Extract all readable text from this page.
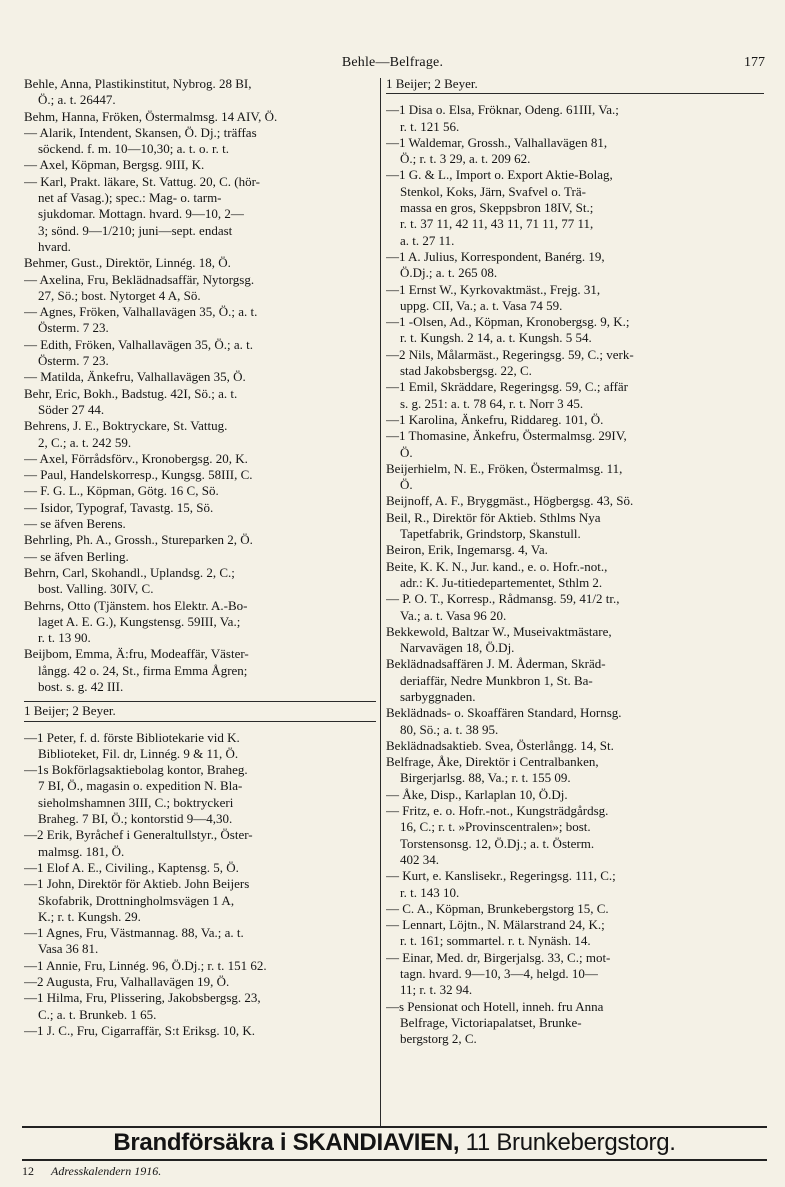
Behle—Belfrage.	177
Behle, Anna, Plastikinstitut, Nybrog. 28 BI,
Ö.; a. t. 26447.
Behm, Hanna, Fröken, Östermalmsg. 14 AIV, Ö.
— Alarik, Intendent, Skansen, Ö. Dj.; träffas
söckend. f. m. 10—10,30; a. t. o. r. t.
— Axel, Köpman, Bergsg. 9III, K.
— Karl, Prakt. läkare, St. Vattug. 20, C. (hör-
net af Vasag.); spec.: Mag- o. tarm-
sjukdomar. Mottagn. hvard. 9—10, 2—
3; sönd. 9—1/210; juni—sept. endast
hvard.
Behmer, Gust., Direktör, Linnég. 18, Ö.
— Axelina, Fru, Beklädnadsaffär, Nytorgsg.
27, Sö.; bost. Nytorget 4 A, Sö.
— Agnes, Fröken, Valhallavägen 35, Ö.; a. t.
Österm. 7 23.
— Edith, Fröken, Valhallavägen 35, Ö.; a. t.
Österm. 7 23.
— Matilda, Änkefru, Valhallavägen 35, Ö.
Behr, Eric, Bokh., Badstug. 42I, Sö.; a. t.
Söder 27 44.
Behrens, J. E., Boktryckare, St. Vattug.
2, C.; a. t. 242 59.
— Axel, Förrådsförv., Kronobergsg. 20, K.
— Paul, Handelskorresp., Kungsg. 58III, C.
— F. G. L., Köpman, Götg. 16 C, Sö.
— Isidor, Typograf, Tavastg. 15, Sö.
— se äfven Berens.
Behrling, Ph. A., Grossh., Stureparken 2, Ö.
— se äfven Berling.
Behrn, Carl, Skohandl., Uplandsg. 2, C.;
bost. Valling. 30IV, C.
Behrns, Otto (Tjänstem. hos Elektr. A.-Bo-
laget A. E. G.), Kungstensg. 59III, Va.;
r. t. 13 90.
Beijbom, Emma, Ä:fru, Modeaffär, Väster-
långg. 42 o. 24, St., firma Emma Ågren;
bost. s. g. 42 III.
1 Beijer; 2 Beyer.
—1 Peter, f. d. förste Bibliotekarie vid K.
Biblioteket, Fil. dr, Linnég. 9 & 11, Ö.
—1s Bokförlagsaktiebolag kontor, Braheg.
7 BI, Ö., magasin o. expedition N. Bla-
sieholmshamnen 3III, C.; boktryckeri
Braheg. 7 BI, Ö.; kontorstid 9—4,30.
—2 Erik, Byråchef i Generaltullstyr., Öster-
malmsg. 181, Ö.
—1 Elof A. E., Civiling., Kaptensg. 5, Ö.
—1 John, Direktör för Aktieb. John Beijers
Skofabrik, Drottningholmsvägen 1 A,
K.; r. t. Kungsh. 29.
—1 Agnes, Fru, Västmannag. 88, Va.; a. t.
Vasa 36 81.
—1 Annie, Fru, Linnég. 96, Ö.Dj.; r. t. 151 62.
—2 Augusta, Fru, Valhallavägen 19, Ö.
—1 Hilma, Fru, Plissering, Jakobsbergsg. 23,
C.; a. t. Brunkeb. 1 65.
—1 J. C., Fru, Cigarraffär, S:t Eriksg. 10, K.
1 Beijer; 2 Beyer.
—1 Disa o. Elsa, Fröknar, Odeng. 61III, Va.;
r. t. 121 56.
—1 Waldemar, Grossh., Valhallavägen 81,
Ö.; r. t. 3 29, a. t. 209 62.
—1 G. & L., Import o. Export Aktie-Bolag,
Stenkol, Koks, Järn, Svafvel o. Trä-
massa en gros, Skeppsbron 18IV, St.;
r. t. 37 11, 42 11, 43 11, 71 11, 77 11,
a. t. 27 11.
—1 A. Julius, Korrespondent, Banérg. 19,
Ö.Dj.; a. t. 265 08.
—1 Ernst W., Kyrkovaktmäst., Frejg. 31,
uppg. CII, Va.; a. t. Vasa 74 59.
—1 -Olsen, Ad., Köpman, Kronobergsg. 9, K.;
r. t. Kungsh. 2 14, a. t. Kungsh. 5 54.
—2 Nils, Målarmäst., Regeringsg. 59, C.; verk-
stad Jakobsbergsg. 22, C.
—1 Emil, Skräddare, Regeringsg. 59, C.; affär
s. g. 251: a. t. 78 64, r. t. Norr 3 45.
—1 Karolina, Änkefru, Riddareg. 101, Ö.
—1 Thomasine, Änkefru, Östermalmsg. 29IV,
Ö.
Beijerhielm, N. E., Fröken, Östermalmsg. 11,
Ö.
Beijnoff, A. F., Bryggmäst., Högbergsg. 43, Sö.
Beil, R., Direktör för Aktieb. Sthlms Nya
Tapetfabrik, Grindstorp, Skanstull.
Beiron, Erik, Ingemarsg. 4, Va.
Beite, K. K. N., Jur. kand., e. o. Hofr.-not.,
adr.: K. Ju-titiedepartementet, Sthlm 2.
— P. O. T., Korresp., Rådmansg. 59, 41/2 tr.,
Va.; a. t. Vasa 96 20.
Bekkewold, Baltzar W., Museivaktmästare,
Narvavägen 18, Ö.Dj.
Beklädnadsaffären J. M. Åderman, Skräd-
deriaffär, Nedre Munkbron 1, St. Ba-
sarbyggnaden.
Beklädnads- o. Skoaffären Standard, Hornsg.
80, Sö.; a. t. 38 95.
Beklädnadsaktieb. Svea, Österlångg. 14, St.
Belfrage, Åke, Direktör i Centralbanken,
Birgerjarlsg. 88, Va.; r. t. 155 09.
— Åke, Disp., Karlaplan 10, Ö.Dj.
— Fritz, e. o. Hofr.-not., Kungsträdgårdsg.
16, C.; r. t. »Provinscentralen»; bost.
Torstensonsg. 12, Ö.Dj.; a. t. Österm.
402 34.
— Kurt, e. Kanslisekr., Regeringsg. 111, C.;
r. t. 143 10.
— C. A., Köpman, Brunkebergstorg 15, C.
— Lennart, Löjtn., N. Mälarstrand 24, K.;
r. t. 161; sommartel. r. t. Nynäsh. 14.
— Einar, Med. dr, Birgerjalsg. 33, C.; mot-
tagn. hvard. 9—10, 3—4, helgd. 10—
11; r. t. 32 94.
—s Pensionat och Hotell, inneh. fru Anna
Belfrage, Victoriapalatset, Brunke-
bergstorg 2, C.
Brandförsäkra i SKANDIAVIEN, 11 Brunkebergstorg.
12 Adresskalendern 1916.
